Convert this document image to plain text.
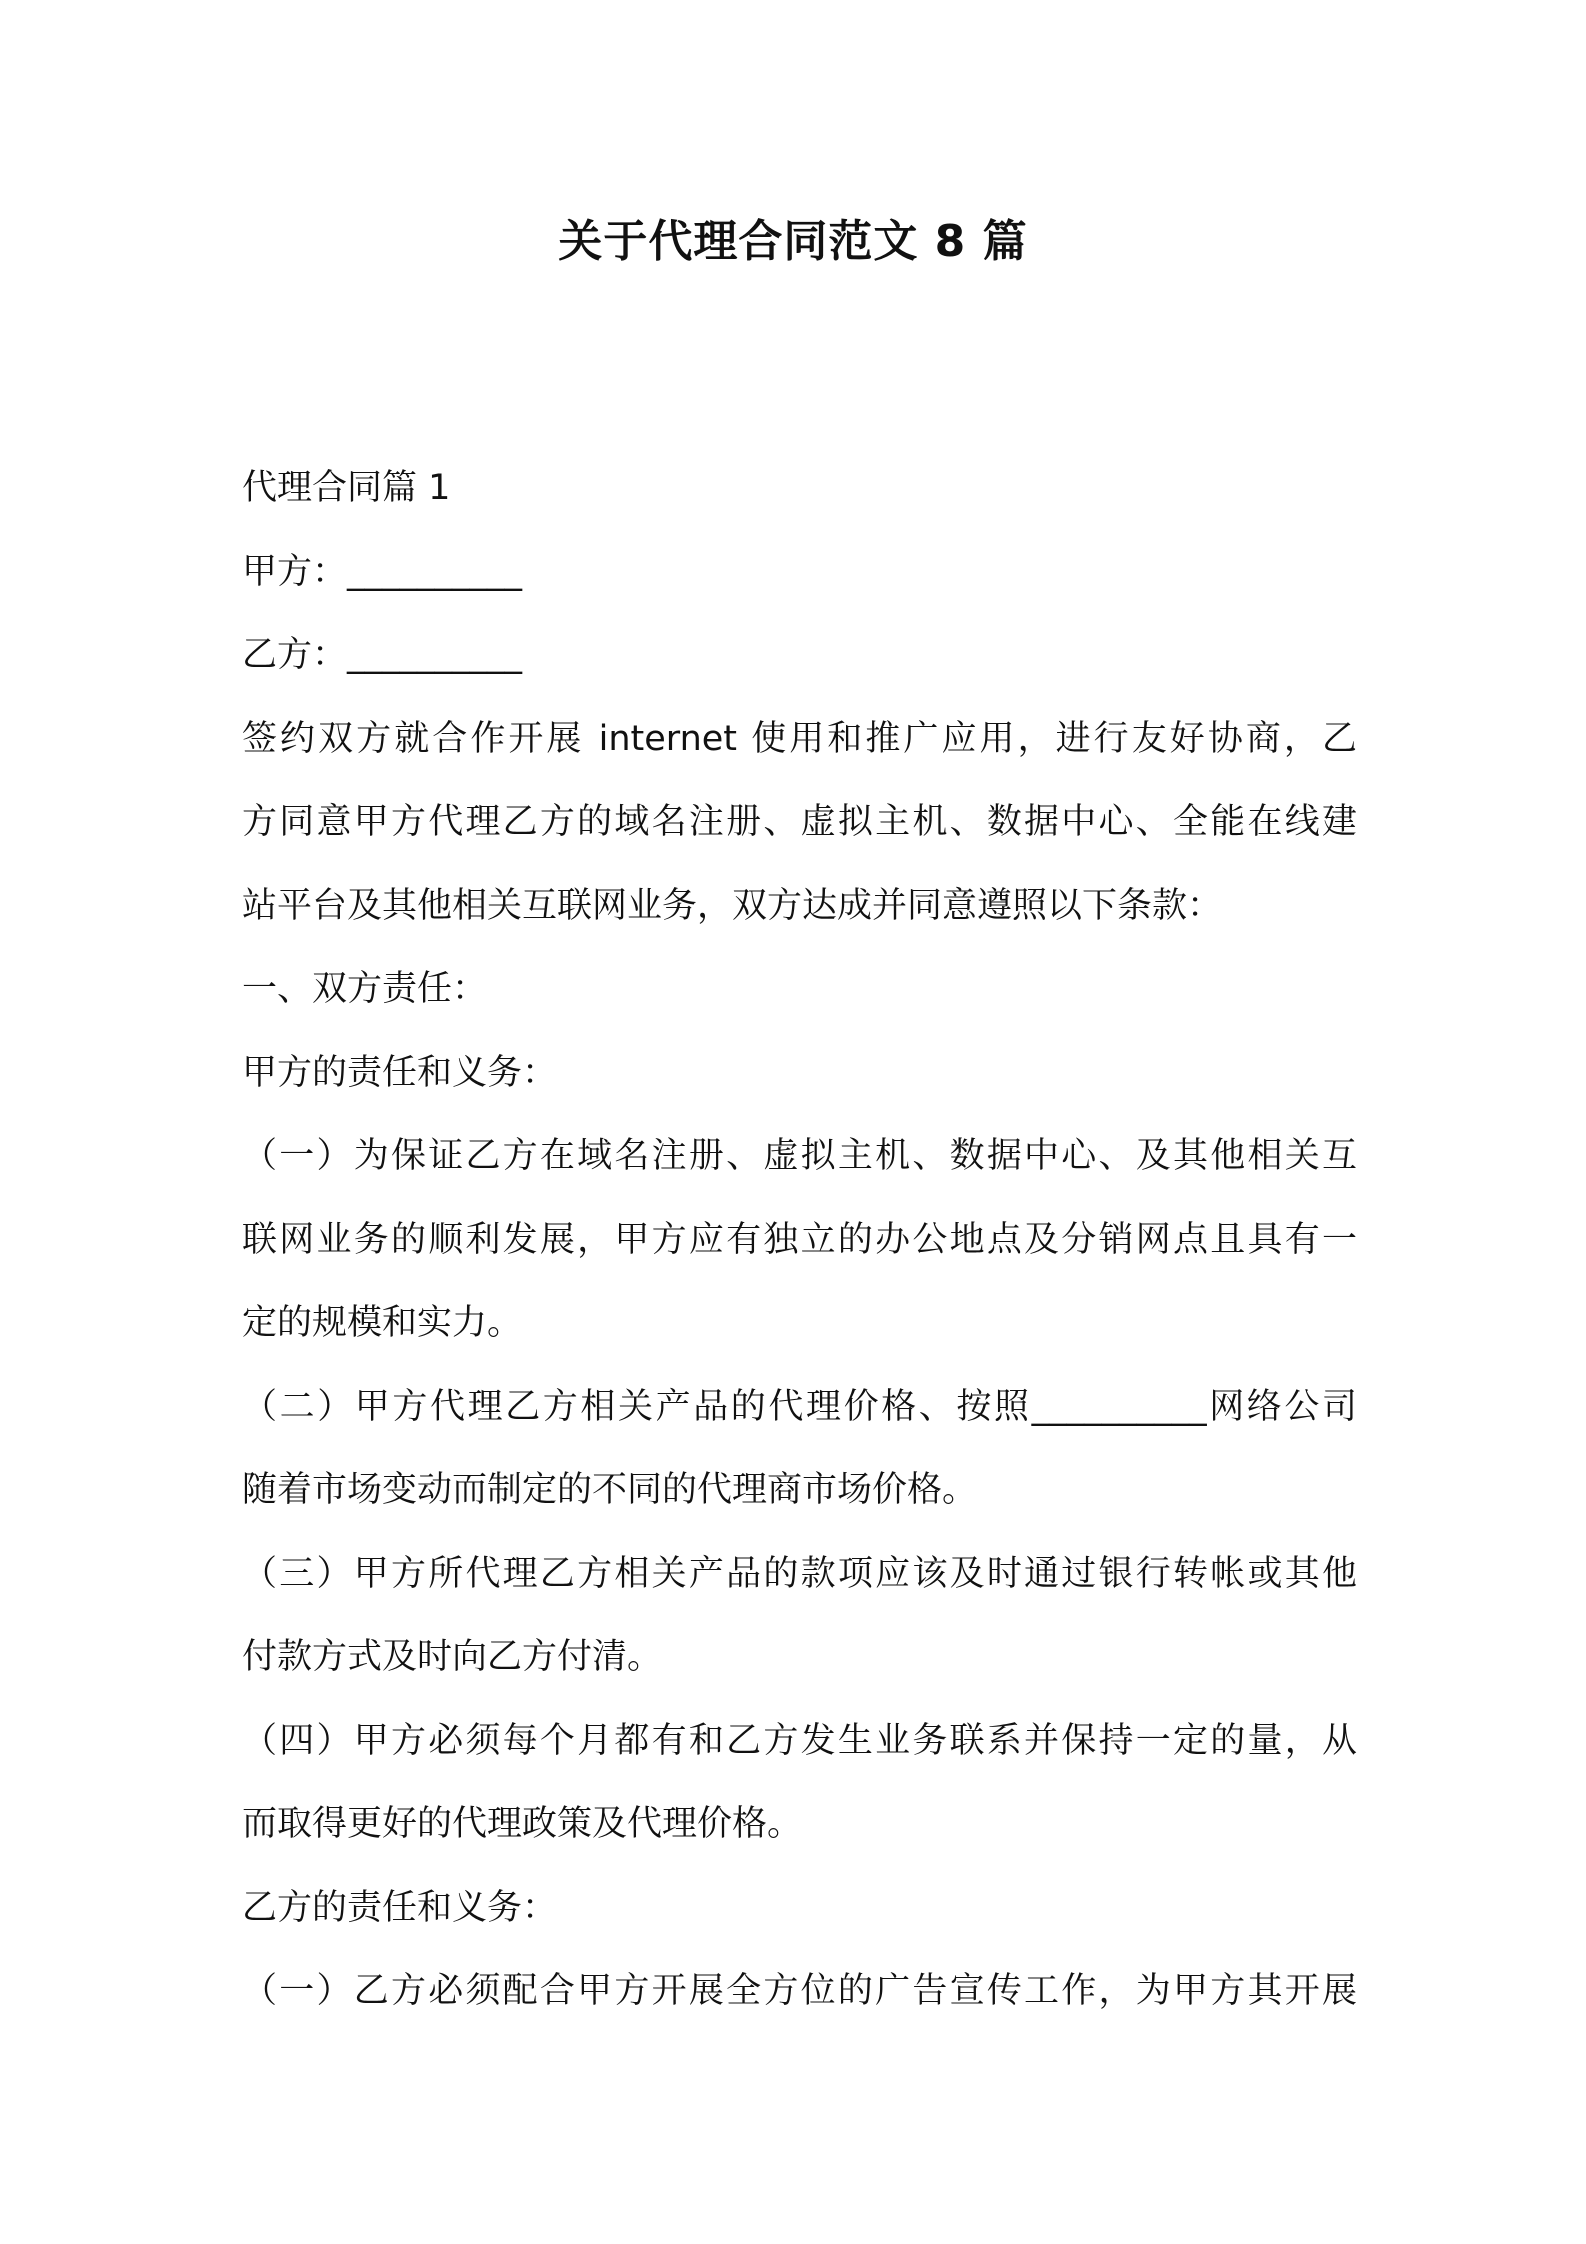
关于代理合同范文 8 篇
代理合同篇 1
甲方：__________
乙方：__________
签约双方就合作开展 internet 使用和推广应用，进行友好协商，乙
方同意甲方代理乙方的域名注册、虚拟主机、数据中心、全能在线建
站平台及其他相关互联网业务，双方达成并同意遵照以下条款：
一、双方责任：
甲方的责任和义务：
（一）为保证乙方在域名注册、虚拟主机、数据中心、及其他相关互
联网业务的顺利发展，甲方应有独立的办公地点及分销网点且具有一
定的规模和实力。
（二）甲方代理乙方相关产品的代理价格、按照__________网络公司
随着市场变动而制定的不同的代理商市场价格。
（三）甲方所代理乙方相关产品的款项应该及时通过银行转帐或其他
付款方式及时向乙方付清。
（四）甲方必须每个月都有和乙方发生业务联系并保持一定的量，从
而取得更好的代理政策及代理价格。
乙方的责任和义务：
（一）乙方必须配合甲方开展全方位的广告宣传工作，为甲方其开展
